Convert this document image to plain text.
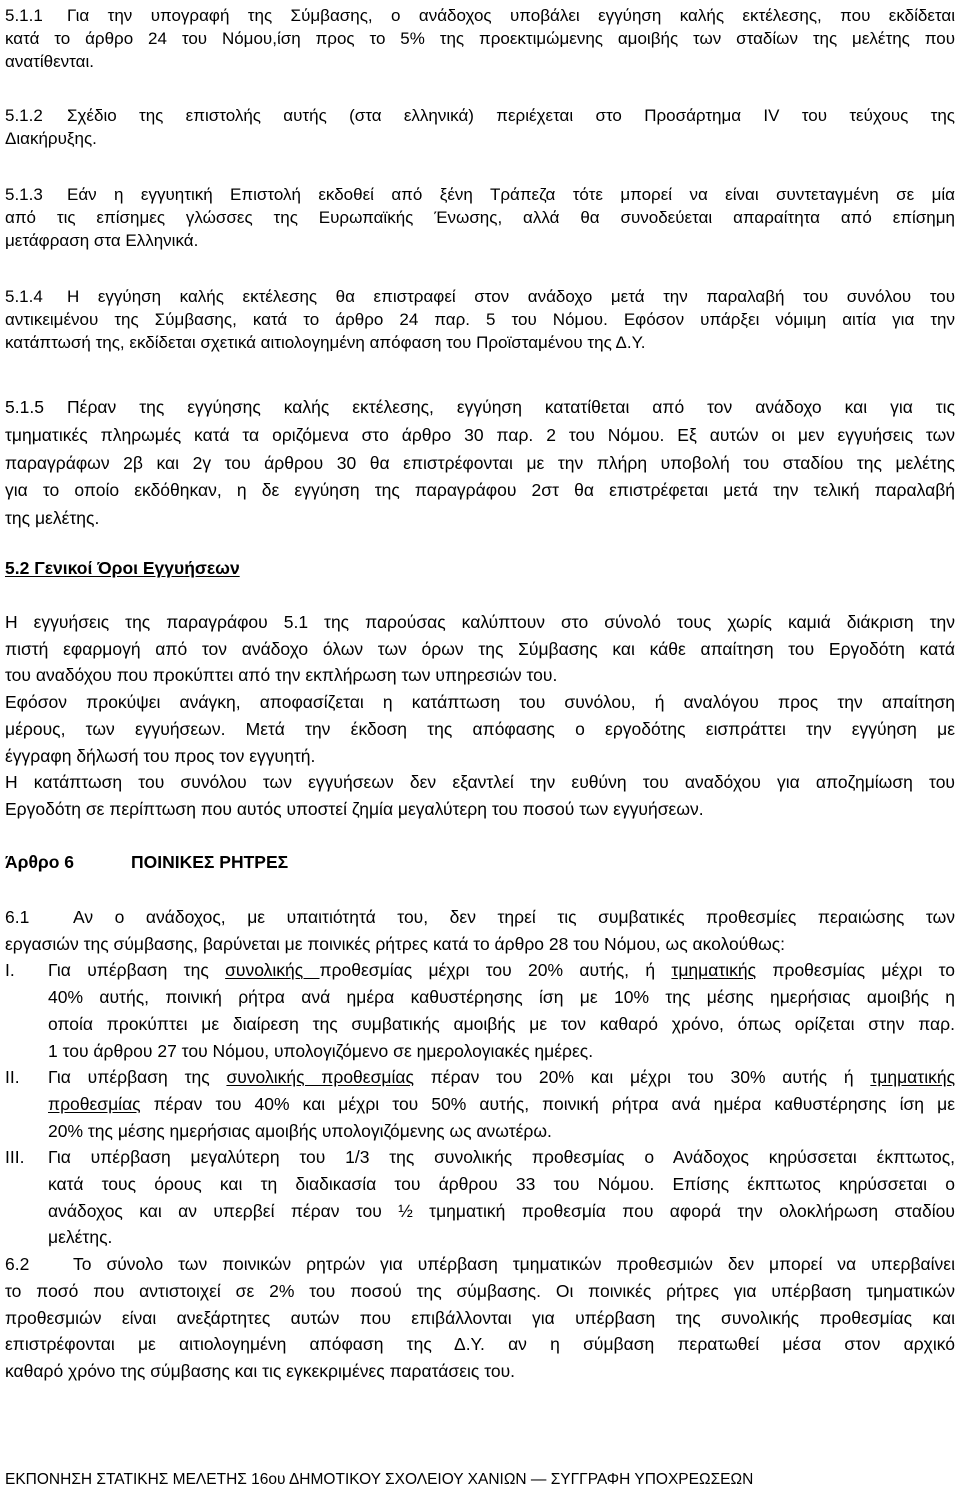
5.1.1 Για την υπογραφή της Σύμβασης, ο ανάδοχος υποβάλει εγγύηση καλής εκτέλεσης, που εκδίδεται
κατά το άρθρο 24 του Νόμου,ίση προς το 5% της προεκτιμώμενης αμοιβής των σταδίων της μελέτης που
ανατίθενται.
5.1.2 Σχέδιο της επιστολής αυτής (στα ελληνικά) περιέχεται στο Προσάρτημα IV του τεύχους της
Διακήρυξης.
5.1.3 Εάν η εγγυητική Επιστολή εκδοθεί από ξένη Τράπεζα τότε μπορεί να είναι συντεταγμένη σε μία
από τις επίσημες γλώσσες της Ευρωπαϊκής Ένωσης, αλλά θα συνοδεύεται απαραίτητα από επίσημη
μετάφραση στα Ελληνικά.
5.1.4 Η εγγύηση καλής εκτέλεσης θα επιστραφεί στον ανάδοχο μετά την παραλαβή του συνόλου του
αντικειμένου της Σύμβασης, κατά το άρθρο 24 παρ. 5 του Νόμου. Εφόσον υπάρξει νόμιμη αιτία για την
κατάπτωσή της, εκδίδεται σχετικά αιτιολογημένη απόφαση του Προϊσταμένου της Δ.Υ.
5.1.5 Πέραν της εγγύησης καλής εκτέλεσης, εγγύηση κατατίθεται από τον ανάδοχο και για τις
τμηματικές πληρωμές κατά τα οριζόμενα στο άρθρο 30 παρ. 2 του Νόμου. Εξ αυτών οι μεν εγγυήσεις των
παραγράφων 2β και 2γ του άρθρου 30 θα επιστρέφονται με την πλήρη υποβολή του σταδίου της μελέτης
για το οποίο εκδόθηκαν, η δε εγγύηση της παραγράφου 2στ θα επιστρέφεται μετά την τελική παραλαβή
της μελέτης.
5.2 Γενικοί Όροι Εγγυήσεων
Η εγγυήσεις της παραγράφου 5.1 της παρούσας καλύπτουν στο σύνολό τους χωρίς καμιά διάκριση την
πιστή εφαρμογή από τον ανάδοχο όλων των όρων της Σύμβασης και κάθε απαίτηση του Εργοδότη κατά
του αναδόχου που προκύπτει από την εκπλήρωση των υπηρεσιών του.
Εφόσον προκύψει ανάγκη, αποφασίζεται η κατάπτωση του συνόλου, ή αναλόγου προς την απαίτηση
μέρους, των εγγυήσεων. Μετά την έκδοση της απόφασης ο εργοδότης εισπράττει την εγγύηση με
έγγραφη δήλωσή του προς τον εγγυητή.
Η κατάπτωση του συνόλου των εγγυήσεων δεν εξαντλεί την ευθύνη του αναδόχου για αποζημίωση του
Εργοδότη σε περίπτωση που αυτός υποστεί ζημία μεγαλύτερη του ποσού των εγγυήσεων.
Άρθρο 6	ΠΟΙΝΙΚΕΣ ΡΗΤΡΕΣ
6.1 Αν ο ανάδοχος, με υπαιτιότητά του, δεν τηρεί τις συμβατικές προθεσμίες περαιώσης των
εργασιών της σύμβασης, βαρύνεται με ποινικές ρήτρες κατά το άρθρο 28 του Νόμου, ως ακολούθως:
I. Για υπέρβαση της συνολικής προθεσμίας μέχρι του 20% αυτής, ή τμηματικής προθεσμίας μέχρι το
40% αυτής, ποινική ρήτρα ανά ημέρα καθυστέρησης ίση με 10% της μέσης ημερήσιας αμοιβής η
οποία προκύπτει με διαίρεση της συμβατικής αμοιβής με τον καθαρό χρόνο, όπως ορίζεται στην παρ.
1 του άρθρου 27 του Νόμου, υπολογιζόμενο σε ημερολογιακές ημέρες.
II. Για υπέρβαση της συνολικής προθεσμίας πέραν του 20% και μέχρι του 30% αυτής ή τμηματικής
προθεσμίας πέραν του 40% και μέχρι του 50% αυτής, ποινική ρήτρα ανά ημέρα καθυστέρησης ίση με
20% της μέσης ημερήσιας αμοιβής υπολογιζόμενης ως ανωτέρω.
III. Για υπέρβαση μεγαλύτερη του 1/3 της συνολικής προθεσμίας ο Ανάδοχος κηρύσσεται έκπτωτος,
κατά τους όρους και τη διαδικασία του άρθρου 33 του Νόμου. Επίσης έκπτωτος κηρύσσεται ο
ανάδοχος και αν υπερβεί πέραν του ½ τμηματική προθεσμία που αφορά την ολοκλήρωση σταδίου
μελέτης.
6.2 Το σύνολο των ποινικών ρητρών για υπέρβαση τμηματικών προθεσμιών δεν μπορεί να υπερβαίνει
το ποσό που αντιστοιχεί σε 2% του ποσού της σύμβασης. Οι ποινικές ρήτρες για υπέρβαση τμηματικών
προθεσμιών είναι ανεξάρτητες αυτών που επιβάλλονται για υπέρβαση της συνολικής προθεσμίας και
επιστρέφονται με αιτιολογημένη απόφαση της Δ.Υ. αν η σύμβαση περατωθεί μέσα στον αρχικό
καθαρό χρόνο της σύμβασης και τις εγκεκριμένες παρατάσεις του.
ΕΚΠΟΝΗΣΗ ΣΤΑΤΙΚΗΣ ΜΕΛΕΤΗΣ 16ου ΔΗΜΟΤΙΚΟΥ ΣΧΟΛΕΙΟΥ ΧΑΝΙΩΝ — ΣΥΓΓΡΑΦΗ ΥΠΟΧΡΕΩΣΕΩΝ
